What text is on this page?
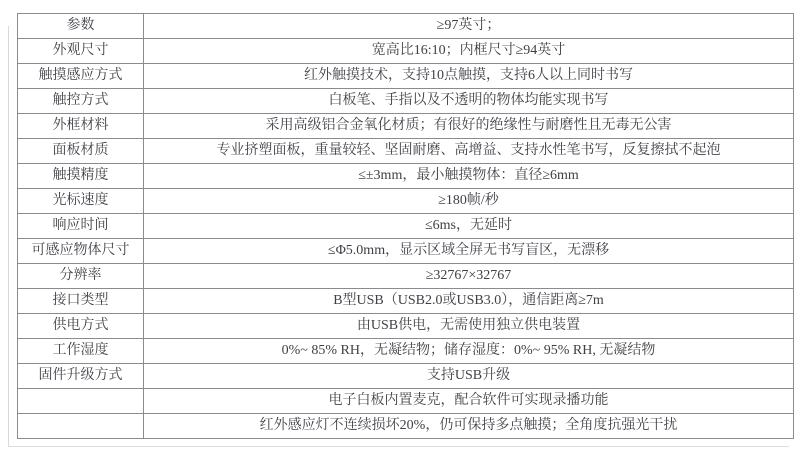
参数	≥97英寸；
外观尺寸	宽高比16:10；内框尺寸≥94英寸
触摸感应方式	红外触摸技术，支持10点触摸，支持6人以上同时书写
触控方式	白板笔、手指以及不透明的物体均能实现书写
外框材料	采用高级铝合金氧化材质；有很好的绝缘性与耐磨性且无毒无公害
面板材质	专业挤塑面板，重量较轻、坚固耐磨、高增益、支持水性笔书写，反复擦拭不起泡
触摸精度	≤±3mm，最小触摸物体：直径≥6mm
光标速度	≥180帧/秒
响应时间	≤6ms，无延时
可感应物体尺寸	≤Φ5.0mm，显示区域全屏无书写盲区，无漂移
分辨率	≥32767×32767
接口类型	B型USB（USB2.0或USB3.0），通信距离≥7m
供电方式	由USB供电，无需使用独立供电装置
工作湿度	0%~ 85% RH，无凝结物；储存湿度：0%~ 95% RH, 无凝结物
固件升级方式	支持USB升级
	电子白板内置麦克，配合软件可实现录播功能
	红外感应灯不连续损坏20%，仍可保持多点触摸；全角度抗强光干扰
